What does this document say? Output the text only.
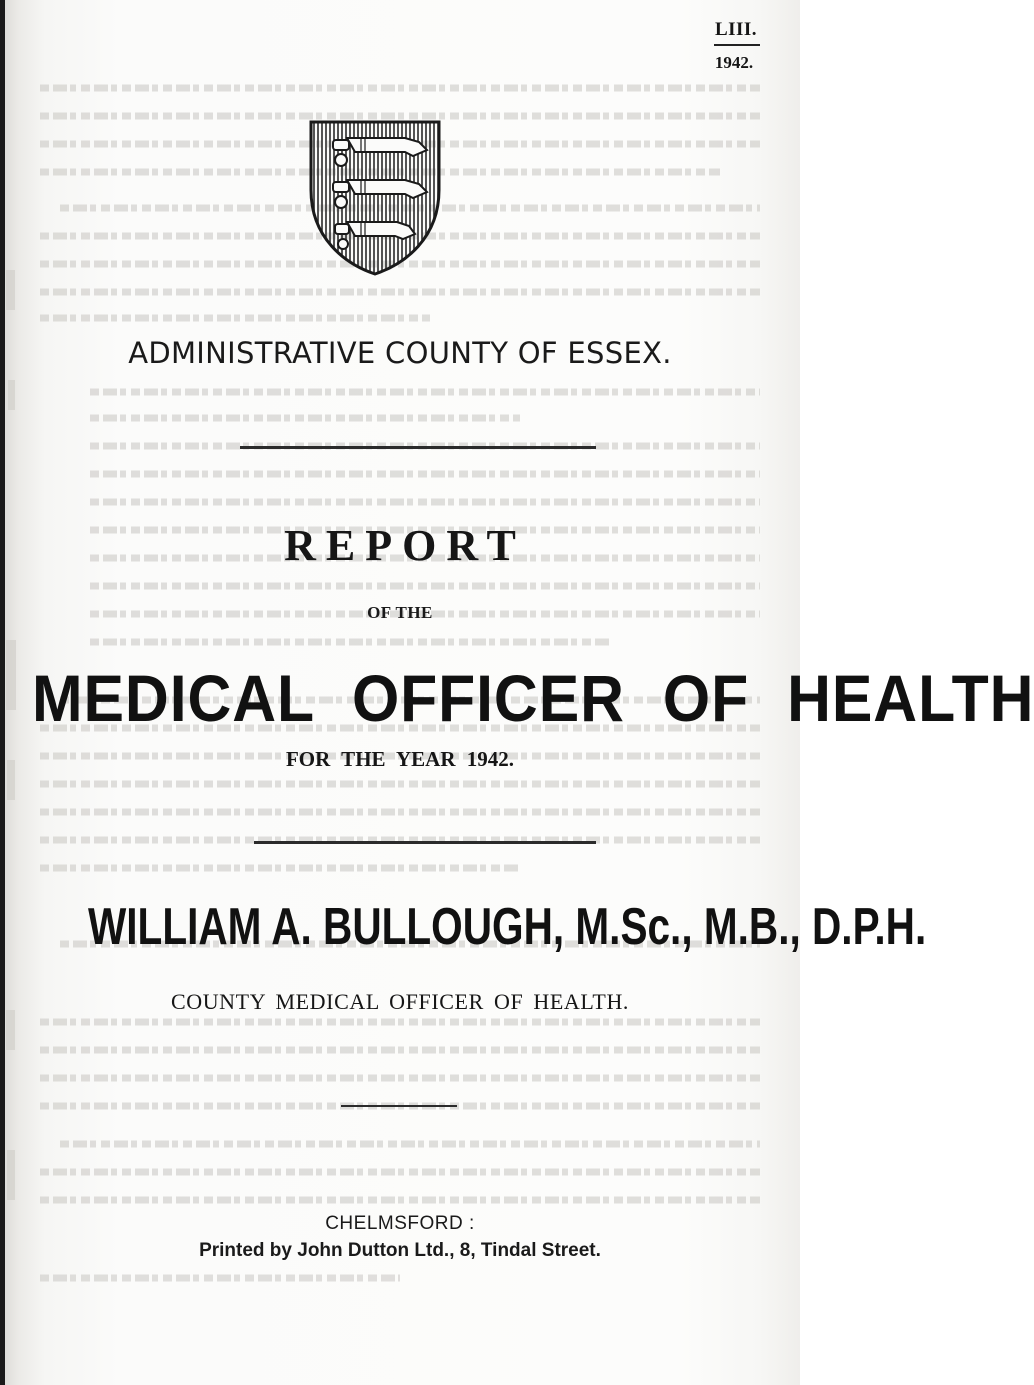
LIII.
1942.
ADMINISTRATIVE COUNTY OF ESSEX.
REPORT
OF THE
MEDICAL OFFICER OF HEALTH
FOR THE YEAR 1942.
WILLIAM A. BULLOUGH, M.Sc., M.B., D.P.H.
COUNTY MEDICAL OFFICER OF HEALTH.
CHELMSFORD :
Printed by John Dutton Ltd., 8, Tindal Street.
